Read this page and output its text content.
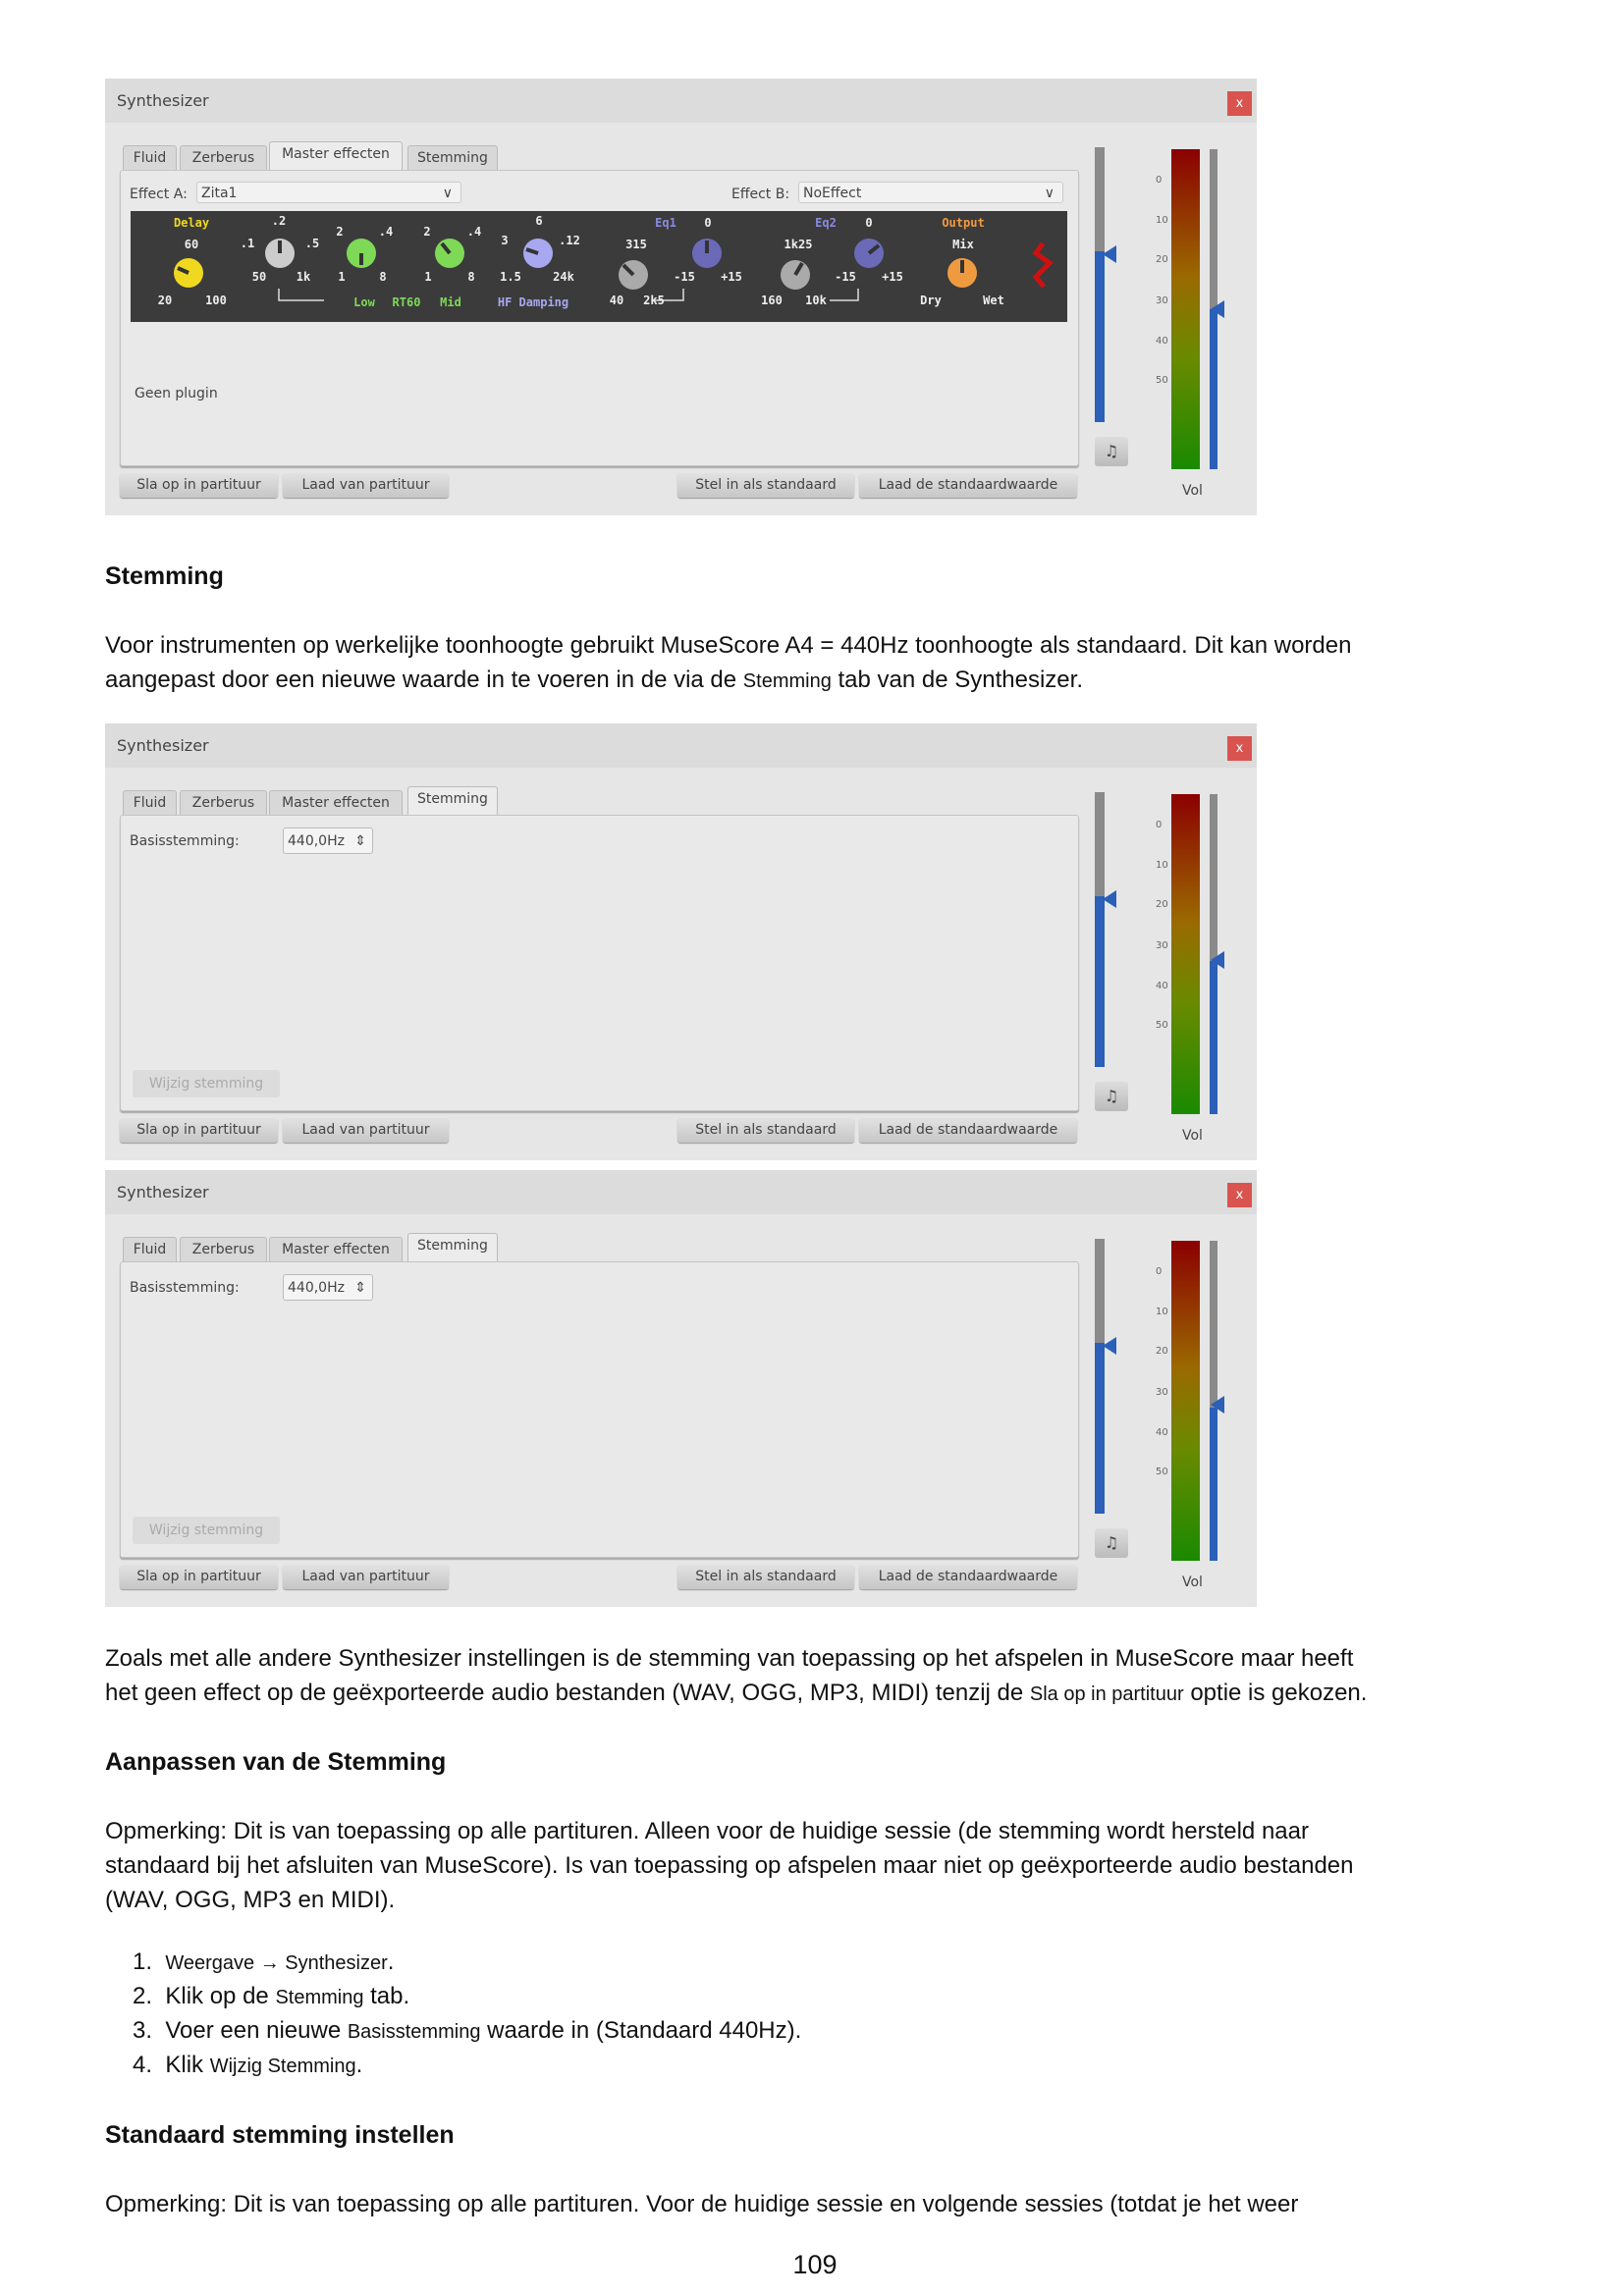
Synthesizer	x
Fluid	Zerberus	Master effecten	Stemming
Effect A:	Zita1	∨	Effect B: NoEffect	∨
Delay
60
20	100
.2
.1	.5
50	1k
2	.4
1	8
2	.4
1	8
6
3	.12
1.5	24k
Low RT60 Mid	HF Damping
Eq1 0
315
-15 +15
40 2k5
Eq2 0
1k25
-15 +15
160 10k
Output
Mix
Dry	Wet
Geen plugin
Sla op in partituur	Laad van partituur	Stel in als standaard	Laad de standaardwaarde
♫
0
10
20
30
40
50
Vol
Stemming
Voor instrumenten op werkelijke toonhoogte gebruikt MuseScore A4 = 440Hz toonhoogte als standaard. Dit kan worden
aangepast door een nieuwe waarde in te voeren in de via de Stemming tab van de Synthesizer.
Synthesizer	x
Fluid	Zerberus	Master effecten	Stemming
Basisstemming:	440,0Hz ⇕
Wijzig stemming
Sla op in partituur	Laad van partituur	Stel in als standaard	Laad de standaardwaarde
♫
0
10
20
30
40
50
Vol
Synthesizer	x
Fluid	Zerberus	Master effecten	Stemming
Basisstemming:	440,0Hz ⇕
Wijzig stemming
Sla op in partituur	Laad van partituur	Stel in als standaard	Laad de standaardwaarde
♫
0
10
20
30
40
50
Vol
Zoals met alle andere Synthesizer instellingen is de stemming van toepassing op het afspelen in MuseScore maar heeft
het geen effect op de geëxporteerde audio bestanden (WAV, OGG, MP3, MIDI) tenzij de Sla op in partituur optie is gekozen.
Aanpassen van de Stemming
Opmerking: Dit is van toepassing op alle partituren. Alleen voor de huidige sessie (de stemming wordt hersteld naar
standaard bij het afsluiten van MuseScore). Is van toepassing op afspelen maar niet op geëxporteerde audio bestanden
(WAV, OGG, MP3 en MIDI).
1. Weergave → Synthesizer.
2. Klik op de Stemming tab.
3. Voer een nieuwe Basisstemming waarde in (Standaard 440Hz).
4. Klik Wijzig Stemming.
Standaard stemming instellen
Opmerking: Dit is van toepassing op alle partituren. Voor de huidige sessie en volgende sessies (totdat je het weer
109
